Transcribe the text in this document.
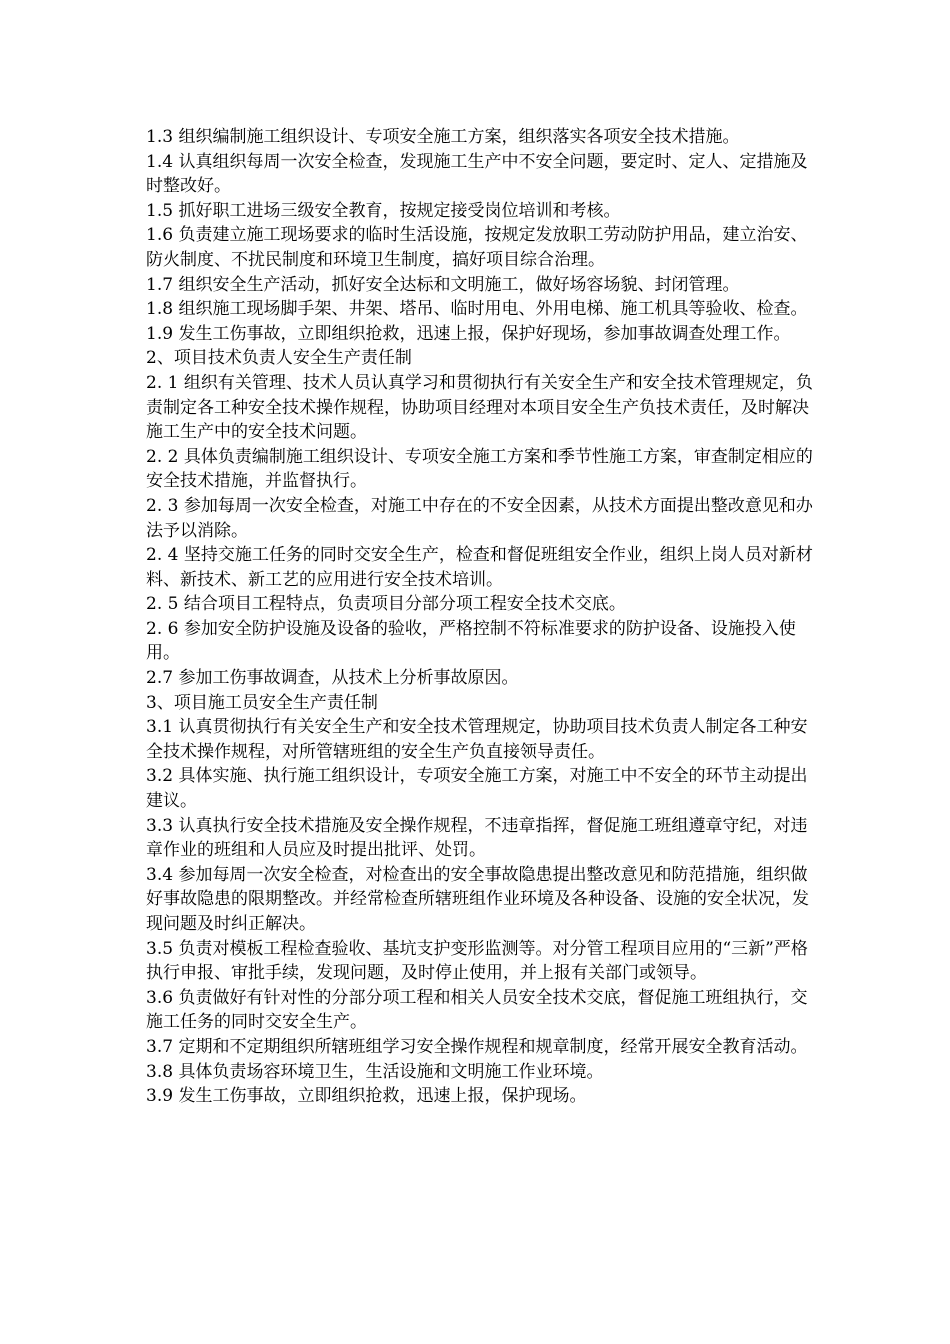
1.3 组织编制施工组织设计、专项安全施工方案，组织落实各项安全技术措施。

1.4 认真组织每周一次安全检查，发现施工生产中不安全问题，要定时、定人、定措施及时整改好。

1.5 抓好职工进场三级安全教育，按规定接受岗位培训和考核。

1.6 负责建立施工现场要求的临时生活设施，按规定发放职工劳动防护用品，建立治安、防火制度、不扰民制度和环境卫生制度，搞好项目综合治理。

1.7 组织安全生产活动，抓好安全达标和文明施工，做好场容场貌、封闭管理。

1.8 组织施工现场脚手架、井架、塔吊、临时用电、外用电梯、施工机具等验收、检查。

1.9 发生工伤事故，立即组织抢救，迅速上报，保护好现场，参加事故调查处理工作。

2、项目技术负责人安全生产责任制

2. 1 组织有关管理、技术人员认真学习和贯彻执行有关安全生产和安全技术管理规定，负责制定各工种安全技术操作规程，协助项目经理对本项目安全生产负技术责任，及时解决施工生产中的安全技术问题。

2. 2 具体负责编制施工组织设计、专项安全施工方案和季节性施工方案，审查制定相应的安全技术措施，并监督执行。

2. 3 参加每周一次安全检查，对施工中存在的不安全因素，从技术方面提出整改意见和办法予以消除。

2. 4 坚持交施工任务的同时交安全生产，检查和督促班组安全作业，组织上岗人员对新材料、新技术、新工艺的应用进行安全技术培训。

2. 5 结合项目工程特点，负责项目分部分项工程安全技术交底。

2. 6 参加安全防护设施及设备的验收，严格控制不符标准要求的防护设备、设施投入使用。

2.7 参加工伤事故调查，从技术上分析事故原因。

3、项目施工员安全生产责任制

3.1 认真贯彻执行有关安全生产和安全技术管理规定，协助项目技术负责人制定各工种安全技术操作规程，对所管辖班组的安全生产负直接领导责任。

3.2 具体实施、执行施工组织设计，专项安全施工方案，对施工中不安全的环节主动提出建议。

3.3 认真执行安全技术措施及安全操作规程，不违章指挥，督促施工班组遵章守纪，对违章作业的班组和人员应及时提出批评、处罚。

3.4 参加每周一次安全检查，对检查出的安全事故隐患提出整改意见和防范措施，组织做好事故隐患的限期整改。并经常检查所辖班组作业环境及各种设备、设施的安全状况，发现问题及时纠正解决。

3.5 负责对模板工程检查验收、基坑支护变形监测等。对分管工程项目应用的“三新”严格执行申报、审批手续，发现问题，及时停止使用，并上报有关部门或领导。

3.6 负责做好有针对性的分部分项工程和相关人员安全技术交底，督促施工班组执行，交施工任务的同时交安全生产。

3.7 定期和不定期组织所辖班组学习安全操作规程和规章制度，经常开展安全教育活动。

3.8 具体负责场容环境卫生，生活设施和文明施工作业环境。

3.9 发生工伤事故，立即组织抢救，迅速上报，保护现场。
